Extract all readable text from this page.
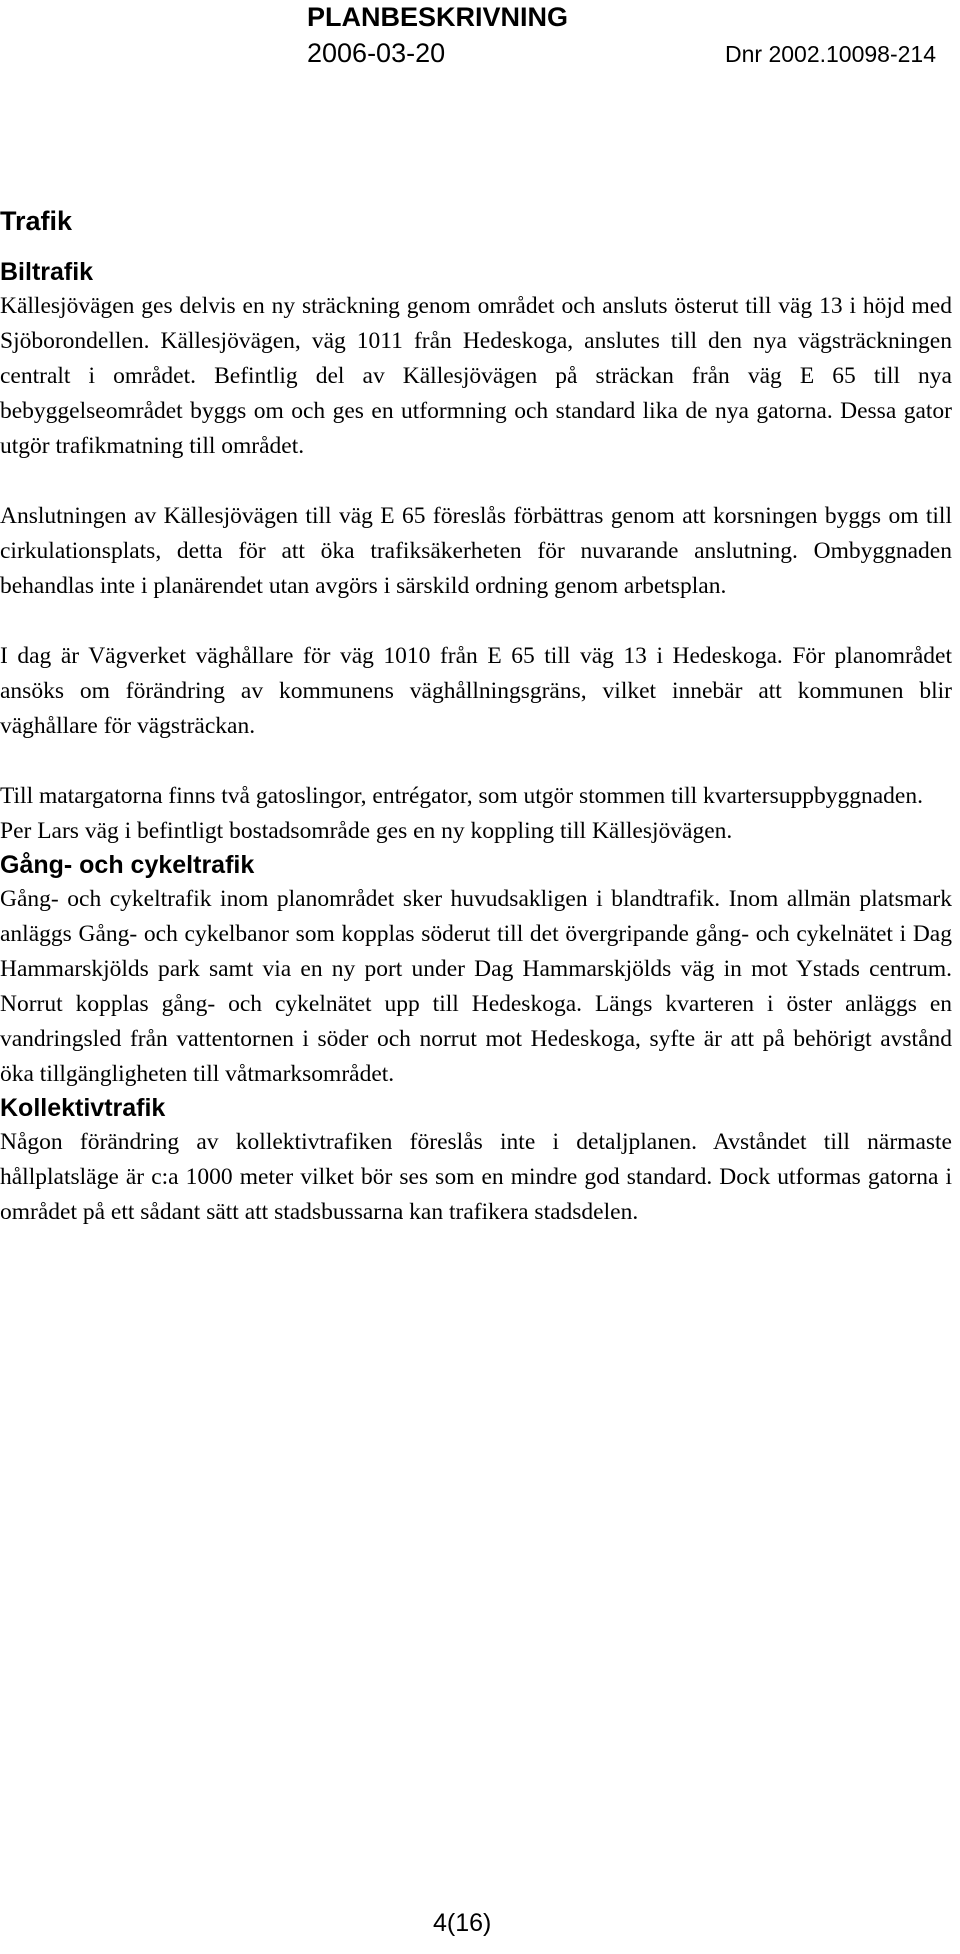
PLANBESKRIVNING
2006-03-20	Dnr 2002.10098-214
Trafik
Biltrafik

Källesjövägen ges delvis en ny sträckning genom området och ansluts österut till väg 13 i höjd med Sjöborondellen. Källesjövägen, väg 1011 från Hedeskoga, anslutes till den nya vägsträckningen centralt i området. Befintlig del av Källesjövägen på sträckan från väg E 65 till nya bebyggelseområdet byggs om och ges en utformning och standard lika de nya gatorna. Dessa gator utgör trafikmatning till området.

Anslutningen av Källesjövägen till väg E 65 föreslås förbättras genom att korsningen byggs om till cirkulationsplats, detta för att öka trafiksäkerheten för nuvarande anslutning. Ombyggnaden behandlas inte i planärendet utan avgörs i särskild ordning genom arbetsplan.

I dag är Vägverket väghållare för väg 1010 från E 65 till väg 13 i Hedeskoga. För planområdet ansöks om förändring av kommunens väghållningsgräns, vilket innebär att kommunen blir väghållare för vägsträckan.

Till matargatorna finns två gatoslingor, entrégator, som utgör stommen till kvartersuppbyggnaden.

Per Lars väg i befintligt bostadsområde ges en ny koppling till Källesjövägen.

Gång- och cykeltrafik

Gång- och cykeltrafik inom planområdet sker huvudsakligen i blandtrafik. Inom allmän platsmark anläggs Gång- och cykelbanor som kopplas söderut till det övergripande gång- och cykelnätet i Dag Hammarskjölds park samt via en ny port under Dag Hammarskjölds väg in mot Ystads centrum. Norrut kopplas gång- och cykelnätet upp till Hedeskoga. Längs kvarteren i öster anläggs en vandringsled från vattentornen i söder och norrut mot Hedeskoga, syfte är att på behörigt avstånd öka tillgängligheten till våtmarksområdet.

Kollektivtrafik

Någon förändring av kollektivtrafiken föreslås inte i detaljplanen. Avståndet till närmaste hållplatsläge är c:a 1000 meter vilket bör ses som en mindre god standard. Dock utformas gatorna i området på ett sådant sätt att stadsbussarna kan trafikera stadsdelen.

4(16)
